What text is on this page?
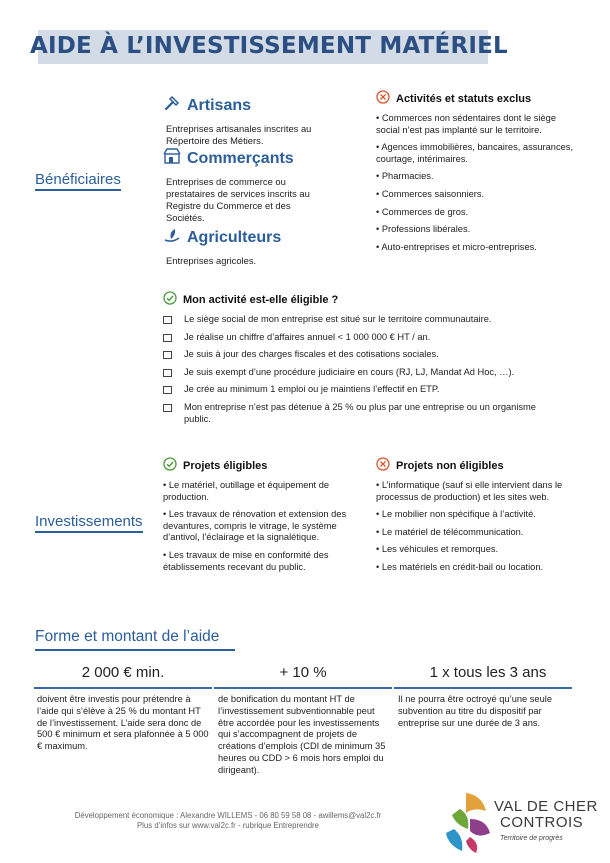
AIDE À L’INVESTISSEMENT MATÉRIEL
Bénéficiaires
Artisans
Entreprises artisanales inscrites au Répertoire des Métiers.
Commerçants
Entreprises de commerce ou prestataires de services inscrits au Registre du Commerce et des Sociétés.
Agriculteurs
Entreprises agricoles.
Activités et statuts exclus
• Commerces non sédentaires dont le siège social n’est pas implanté sur le territoire.
• Agences immobilières, bancaires, assurances, courtage, intérimaires.
• Pharmacies.
• Commerces saisonniers.
• Commerces de gros.
• Professions libérales.
• Auto-entreprises et micro-entreprises.
Mon activité est-elle éligible ?
Le siège social de mon entreprise est situé sur le territoire communautaire.
Je réalise un chiffre d’affaires annuel < 1 000 000 € HT / an.
Je suis à jour des charges fiscales et des cotisations sociales.
Je suis exempt d’une procédure judiciaire en cours (RJ, LJ, Mandat Ad Hoc, …).
Je crée au minimum 1 emploi ou je maintiens l’effectif en ETP.
Mon entreprise n’est pas détenue à 25 % ou plus par une entreprise ou un organisme public.
Investissements
Projets éligibles
• Le matériel, outillage et équipement de production.
• Les travaux de rénovation et extension des devantures, compris le vitrage, le système d’antivol, l’éclairage et la signalétique.
• Les travaux de mise en conformité des établissements recevant du public.
Projets non éligibles
• L’informatique (sauf si elle intervient dans le processus de production) et les sites web.
• Le mobilier non spécifique à l’activité.
• Le matériel de télécommunication.
• Les véhicules et remorques.
• Les matériels en crédit-bail ou location.
Forme et montant de l’aide
2 000 € min.
doivent être investis pour prétendre à l’aide qui s’élève à 25 % du montant HT de l’investissement. L’aide sera donc de 500 € minimum et sera plafonnée à 5 000 € maximum.
+ 10 %
de bonification du montant HT de l’investissement subventionnable peut être accordée pour les investissements qui s’accompagnent de projets de créations d’emplois (CDI de minimum 35 heures ou CDD > 6 mois hors emploi du dirigeant).
1 x tous les 3 ans
Il ne pourra être octroyé qu’une seule subvention au titre du dispositif par entreprise sur une durée de 3 ans.
Développement économique : Alexandre WILLEMS - 06 80 59 58 08 - awillems@val2c.fr
Plus d’infos sur www.val2c.fr - rubrique Entreprendre
VAL DE CHER
CONTROIS
Territoire de progrès
